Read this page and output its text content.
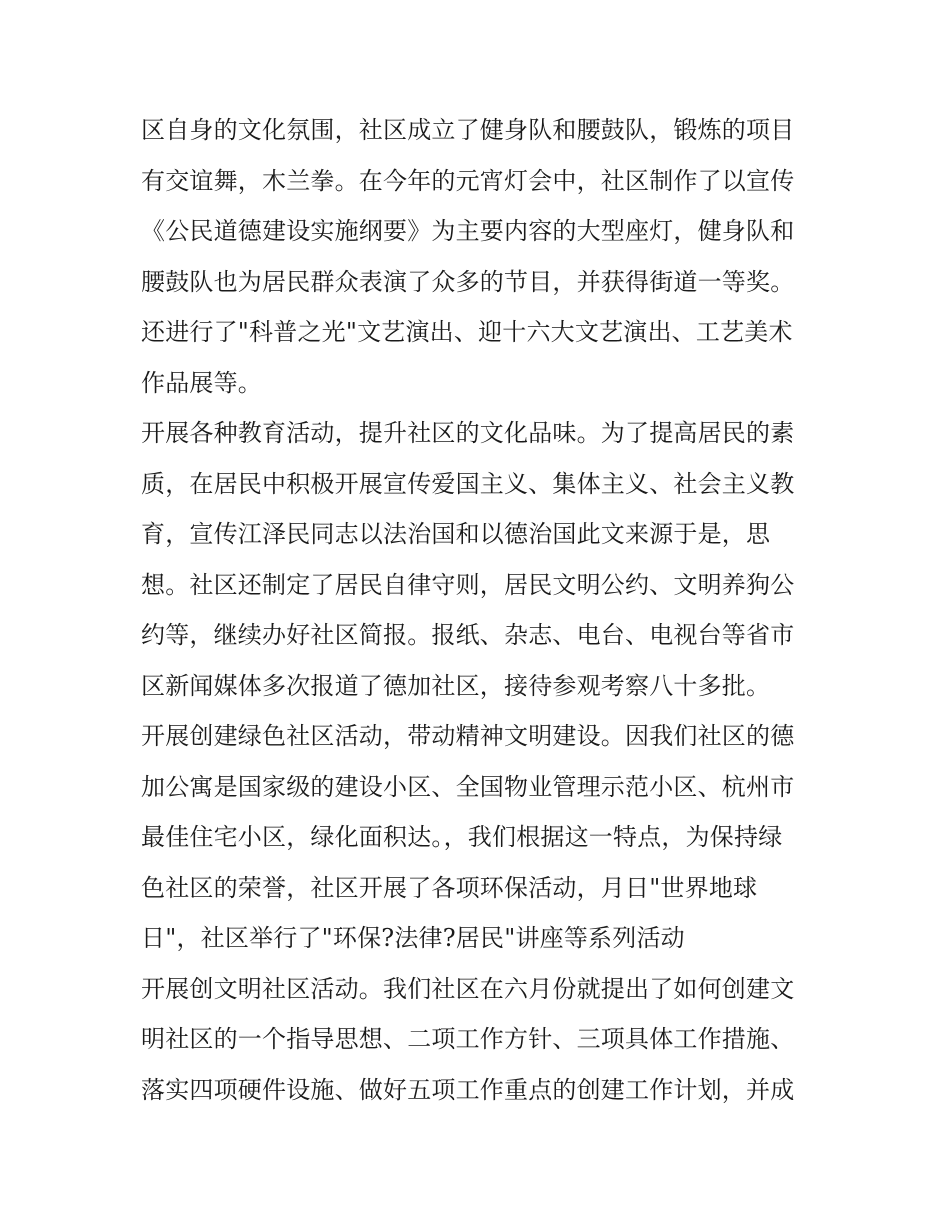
区自身的文化氛围，社区成立了健身队和腰鼓队，锻炼的项目
有交谊舞，木兰拳。在今年的元宵灯会中，社区制作了以宣传
《公民道德建设实施纲要》为主要内容的大型座灯，健身队和
腰鼓队也为居民群众表演了众多的节目，并获得街道一等奖。
还进行了"科普之光"文艺演出、迎十六大文艺演出、工艺美术
作品展等。
开展各种教育活动，提升社区的文化品味。为了提高居民的素
质，在居民中积极开展宣传爱国主义、集体主义、社会主义教
育，宣传江泽民同志以法治国和以德治国此文来源于是，思
想。社区还制定了居民自律守则，居民文明公约、文明养狗公
约等，继续办好社区简报。报纸、杂志、电台、电视台等省市
区新闻媒体多次报道了德加社区，接待参观考察八十多批。
开展创建绿色社区活动，带动精神文明建设。因我们社区的德
加公寓是国家级的建设小区、全国物业管理示范小区、杭州市
最佳住宅小区，绿化面积达。，我们根据这一特点，为保持绿
色社区的荣誉，社区开展了各项环保活动，月日"世界地球
日"，社区举行了"环保?法律?居民"讲座等系列活动
开展创文明社区活动。我们社区在六月份就提出了如何创建文
明社区的一个指导思想、二项工作方针、三项具体工作措施、
落实四项硬件设施、做好五项工作重点的创建工作计划，并成
